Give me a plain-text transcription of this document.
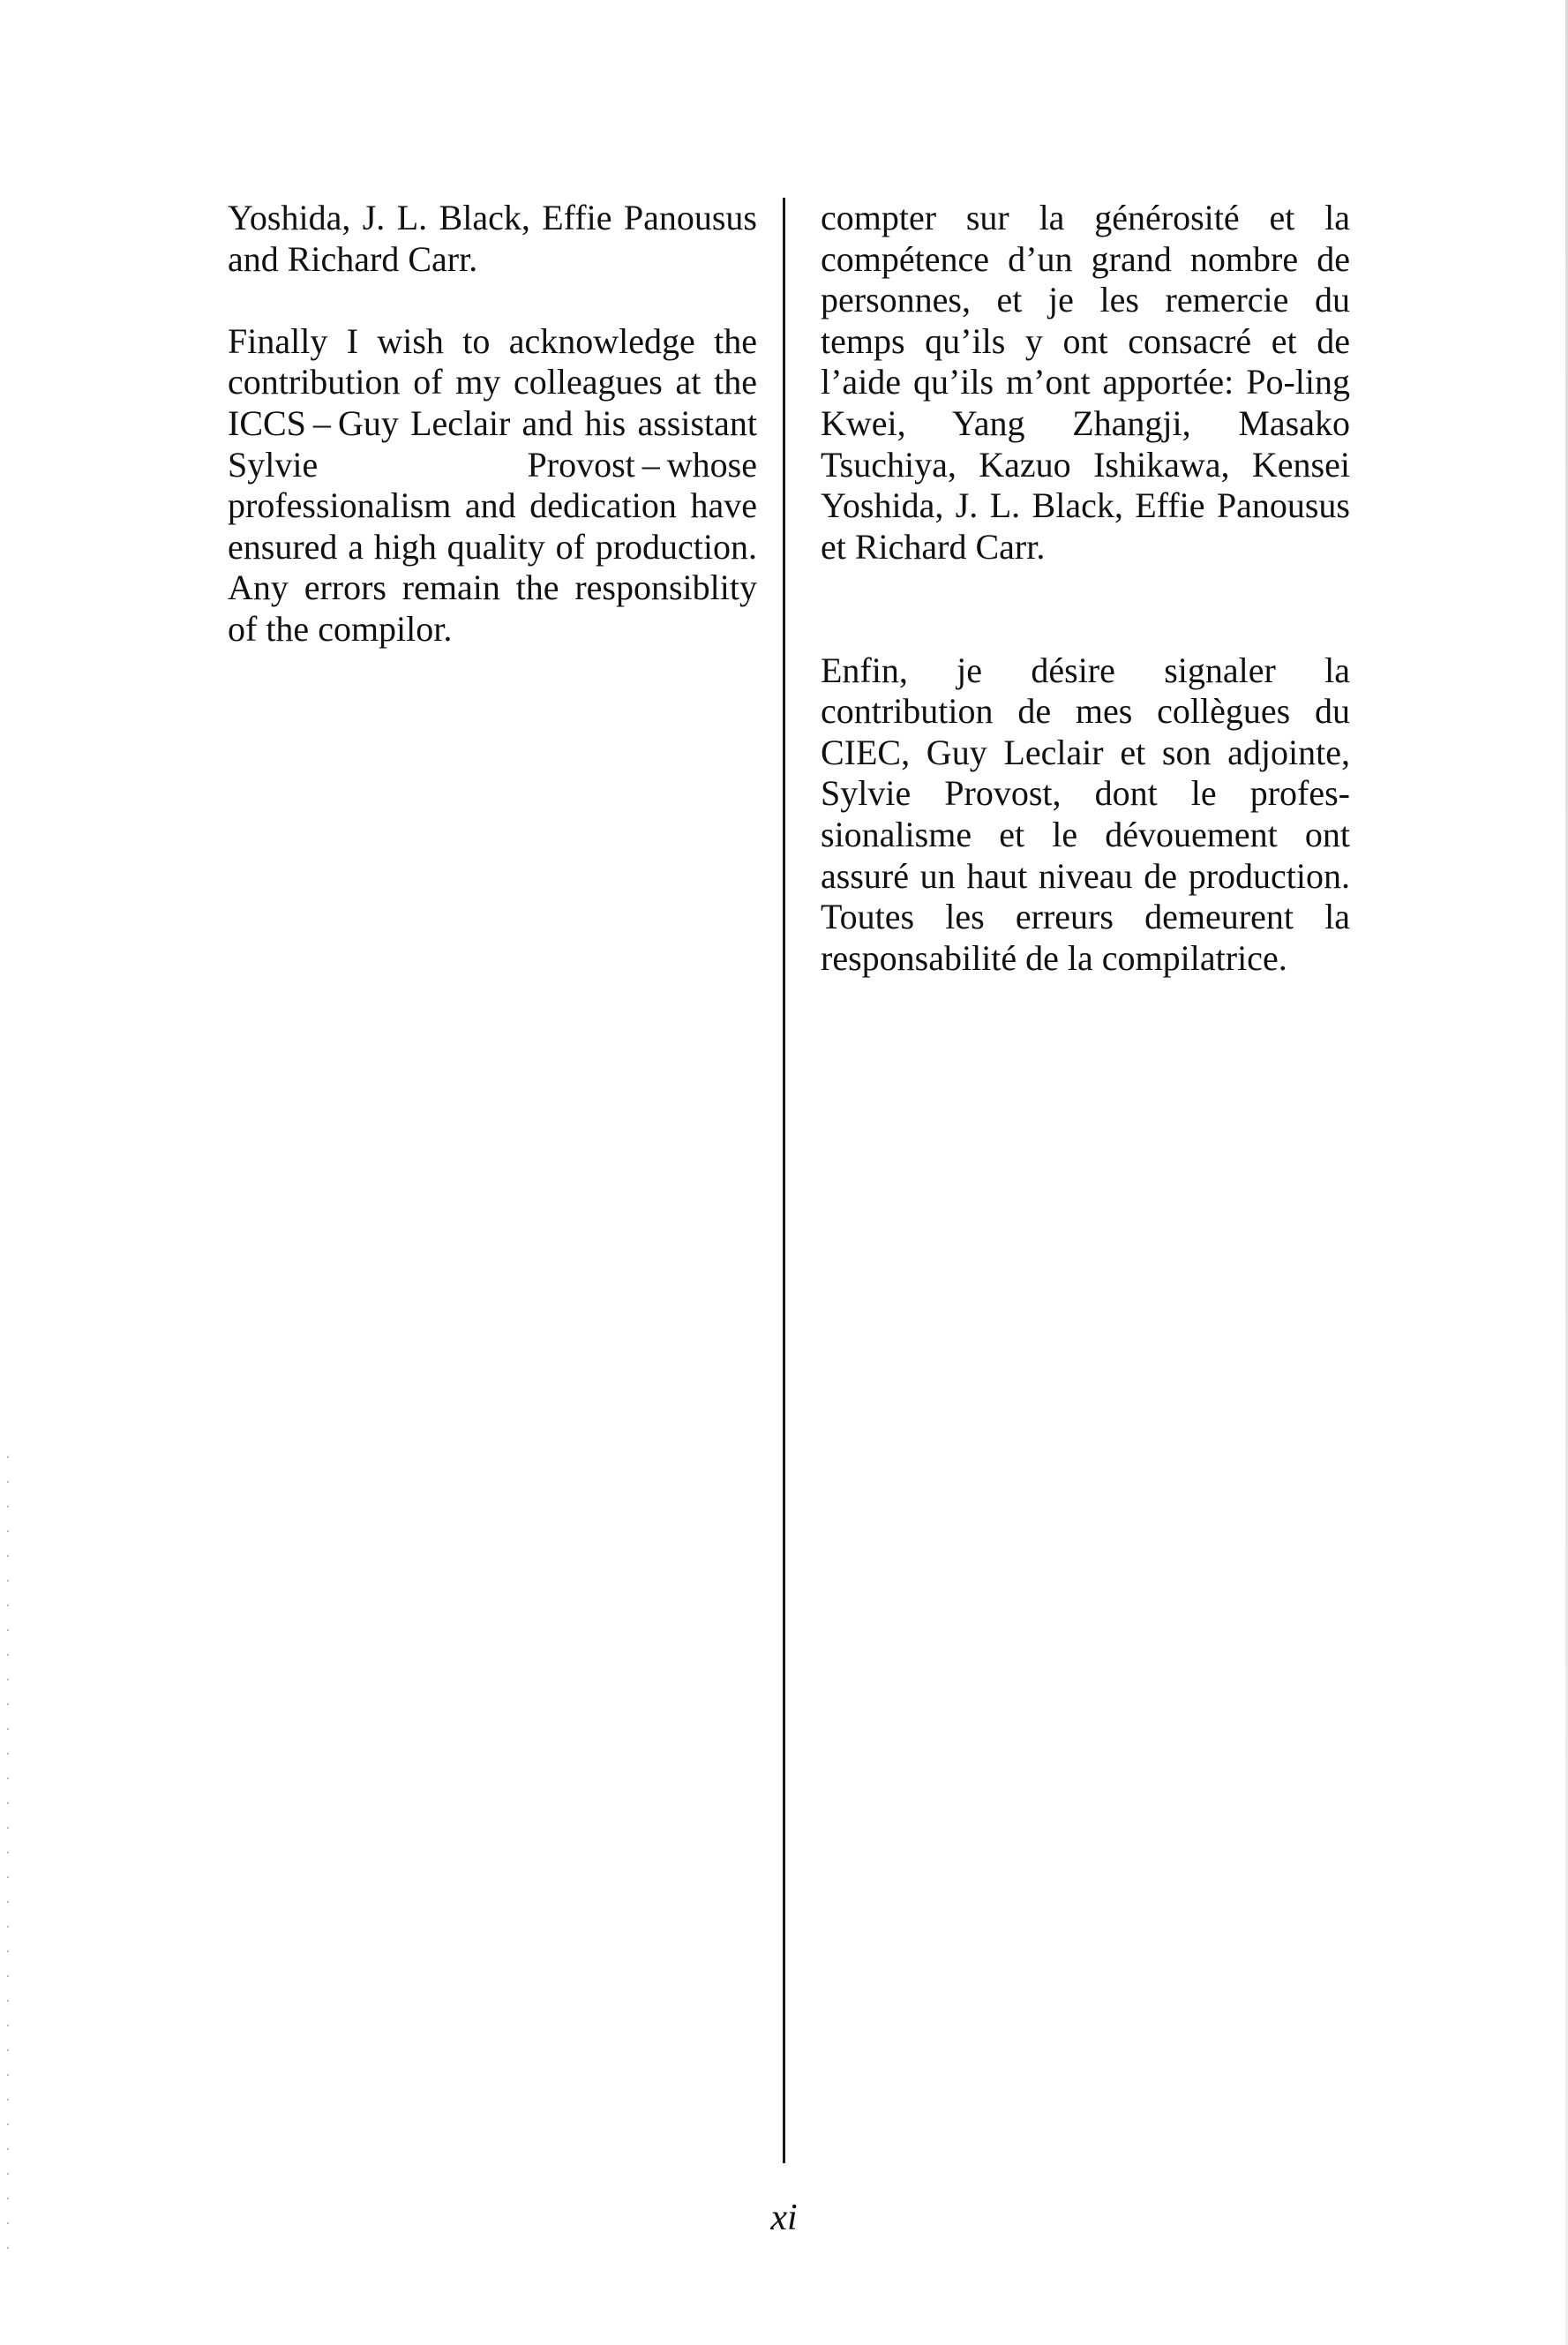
Yoshida, J. L. Black, Effie Panousus and Richard Carr.

Finally I wish to acknowledge the contribution of my colleagues at the ICCS – Guy Leclair and his assistant Sylvie Provost – whose professionalism and dedication have ensured a high quality of production. Any errors remain the responsiblity of the compilor.

compter sur la générosité et la compétence d’un grand nombre de personnes, et je les remercie du temps qu’ils y ont consacré et de l’aide qu’ils m’ont apportée: Po-ling Kwei, Yang Zhangji, Masako Tsuchiya, Kazuo Ishikawa, Kensei Yoshida, J. L. Black, Effie Panousus et Richard Carr.

Enfin, je désire signaler la contribution de mes collègues du CIEC, Guy Leclair et son adjointe, Sylvie Provost, dont le professionalisme et le dévouement ont assuré un haut niveau de production. Toutes les erreurs demeurent la responsabilité de la compilatrice.

xi
